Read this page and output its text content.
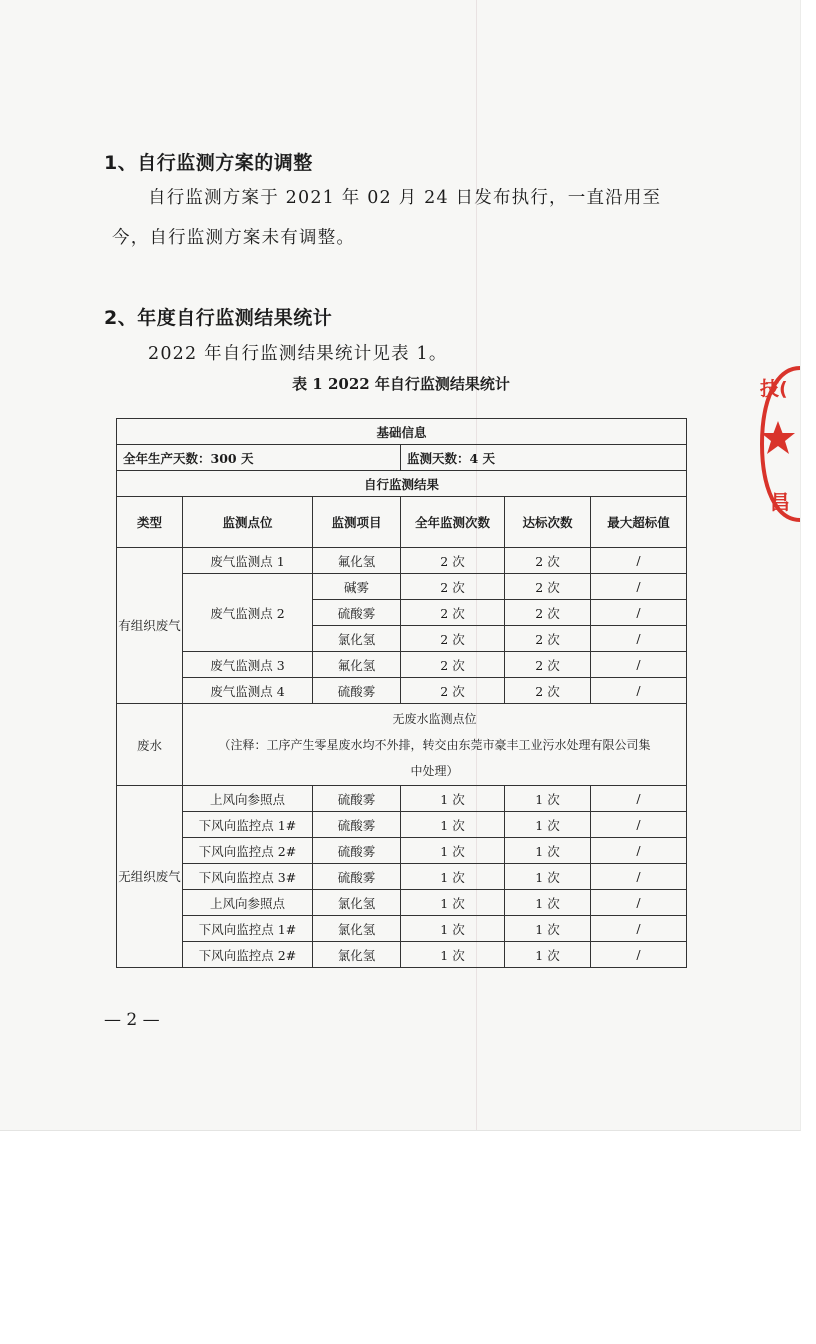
1、自行监测方案的调整
自行监测方案于 2021 年 02 月 24 日发布执行，一直沿用至
今，自行监测方案未有调整。
2、年度自行监测结果统计
2022 年自行监测结果统计见表 1。
表 1 2022 年自行监测结果统计
基础信息					
全年生产天数：300 天			监测天数：4 天		
自行监测结果					
类型	监测点位	监测项目	全年监测次数	达标次数	最大超标值
有组织废气	废气监测点 1	氟化氢	2 次	2 次	/
	废气监测点 2	碱雾	2 次	2 次	/
		硫酸雾	2 次	2 次	/
		氯化氢	2 次	2 次	/
	废气监测点 3	氟化氢	2 次	2 次	/
	废气监测点 4	硫酸雾	2 次	2 次	/
废水	无废水监测点位
（注释：工序产生零星废水均不外排，转交由东莞市豪丰工业污水处理有限公司集
中处理）				

无组织废气	上风向参照点	硫酸雾	1 次	1 次	/
	下风向监控点 1#	硫酸雾	1 次	1 次	/
	下风向监控点 2#	硫酸雾	1 次	1 次	/
	下风向监控点 3#	硫酸雾	1 次	1 次	/
	上风向参照点	氯化氢	1 次	1 次	/
	下风向监控点 1#	氯化氢	1 次	1 次	/
	下风向监控点 2#	氯化氢	1 次	1 次	/
— 2 —
技(
昌
